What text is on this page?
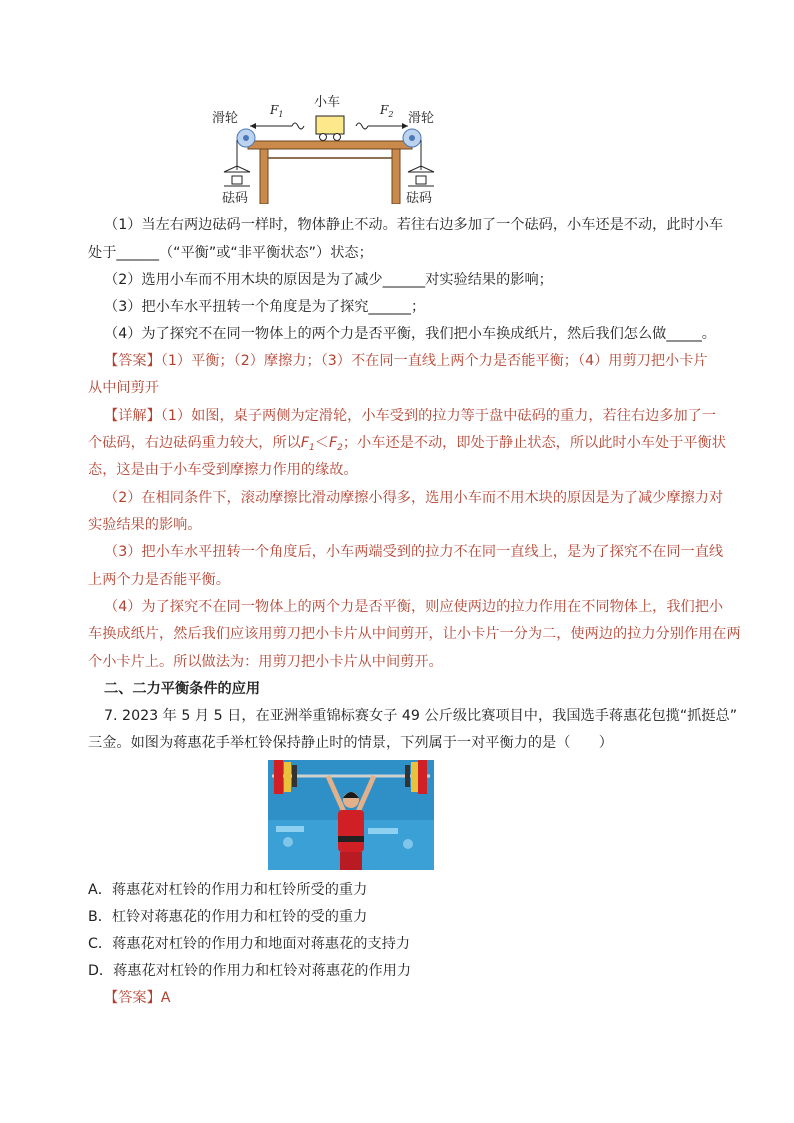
滑轮	滑轮
小车
$F_1$	$F_2$
砝码	砝码
（1）当左右两边砝码一样时，物体静止不动。若往右边多加了一个砝码，小车还是不动，此时小车
处于______（“平衡”或“非平衡状态”）状态；
（2）选用小车而不用木块的原因是为了减少______对实验结果的影响；
（3）把小车水平扭转一个角度是为了探究______；
（4）为了探究不在同一物体上的两个力是否平衡，我们把小车换成纸片，然后我们怎么做_____。
【答案】（1）平衡；（2）摩擦力；（3）不在同一直线上两个力是否能平衡；（4）用剪刀把小卡片
从中间剪开
【详解】（1）如图，桌子两侧为定滑轮，小车受到的拉力等于盘中砝码的重力，若往右边多加了一
个砝码，右边砝码重力较大，所以$F_1<F_2$；小车还是不动，即处于静止状态，所以此时小车处于平衡状
态，这是由于小车受到摩擦力作用的缘故。
（2）在相同条件下，滚动摩擦比滑动摩擦小得多，选用小车而不用木块的原因是为了减少摩擦力对
实验结果的影响。
（3）把小车水平扭转一个角度后，小车两端受到的拉力不在同一直线上，是为了探究不在同一直线
上两个力是否能平衡。
（4）为了探究不在同一物体上的两个力是否平衡，则应使两边的拉力作用在不同物体上，我们把小
车换成纸片，然后我们应该用剪刀把小卡片从中间剪开，让小卡片一分为二，使两边的拉力分别作用在两
个小卡片上。所以做法为：用剪刀把小卡片从中间剪开。
二、二力平衡条件的应用
7. 2023 年 5 月 5 日，在亚洲举重锦标赛女子 49 公斤级比赛项目中，我国选手蒋惠花包揽“抓挺总”
三金。如图为蒋惠花手举杠铃保持静止时的情景，下列属于一对平衡力的是（　　）
A．蒋惠花对杠铃的作用力和杠铃所受的重力
B．杠铃对蒋惠花的作用力和杠铃的受的重力
C．蒋惠花对杠铃的作用力和地面对蒋惠花的支持力
D．蒋惠花对杠铃的作用力和杠铃对蒋惠花的作用力
【答案】A
